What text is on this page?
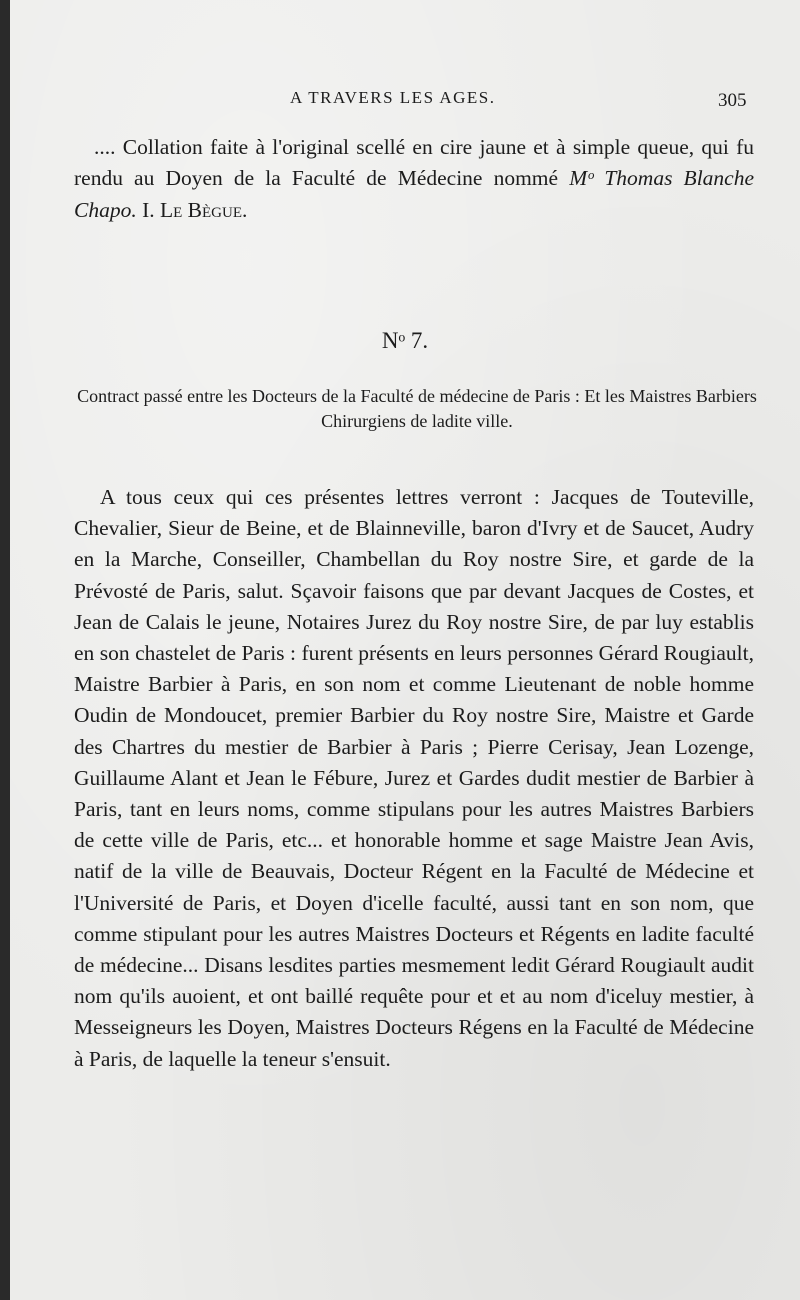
A TRAVERS LES AGES.	305

.... Collation faite à l'original scellé en cire jaune et à simple queue, qui fu rendu au Doyen de la Faculté de Médecine nommé Mᵒ Thomas Blanche Chapo. I. Le Bègue.

Nᵒ 7.
Contract passé entre les Docteurs de la Faculté de médecine de Paris : Et les Maistres Barbiers Chirurgiens de ladite ville.

A tous ceux qui ces présentes lettres verront : Jacques de Touteville, Chevalier, Sieur de Beine, et de Blainneville, baron d'Ivry et de Saucet, Audry en la Marche, Conseiller, Chambellan du Roy nostre Sire, et garde de la Prévosté de Paris, salut. Sçavoir faisons que par devant Jacques de Costes, et Jean de Calais le jeune, Notaires Jurez du Roy nostre Sire, de par luy establis en son chastelet de Paris : furent présents en leurs personnes Gérard Rougiault, Maistre Barbier à Paris, en son nom et comme Lieutenant de noble homme Oudin de Mondoucet, premier Barbier du Roy nostre Sire, Maistre et Garde des Chartres du mestier de Barbier à Paris ; Pierre Cerisay, Jean Lozenge, Guillaume Alant et Jean le Fébure, Jurez et Gardes dudit mestier de Barbier à Paris, tant en leurs noms, comme stipulans pour les autres Maistres Barbiers de cette ville de Paris, etc... et honorable homme et sage Maistre Jean Avis, natif de la ville de Beauvais, Docteur Régent en la Faculté de Médecine et l'Université de Paris, et Doyen d'icelle faculté, aussi tant en son nom, que comme stipulant pour les autres Maistres Docteurs et Régents en ladite faculté de médecine... Disans lesdites parties mesmement ledit Gérard Rougiault audit nom qu'ils auoient, et ont baillé requête pour et et au nom d'iceluy mestier, à Messeigneurs les Doyen, Maistres Docteurs Régens en la Faculté de Médecine à Paris, de laquelle la teneur s'ensuit.
